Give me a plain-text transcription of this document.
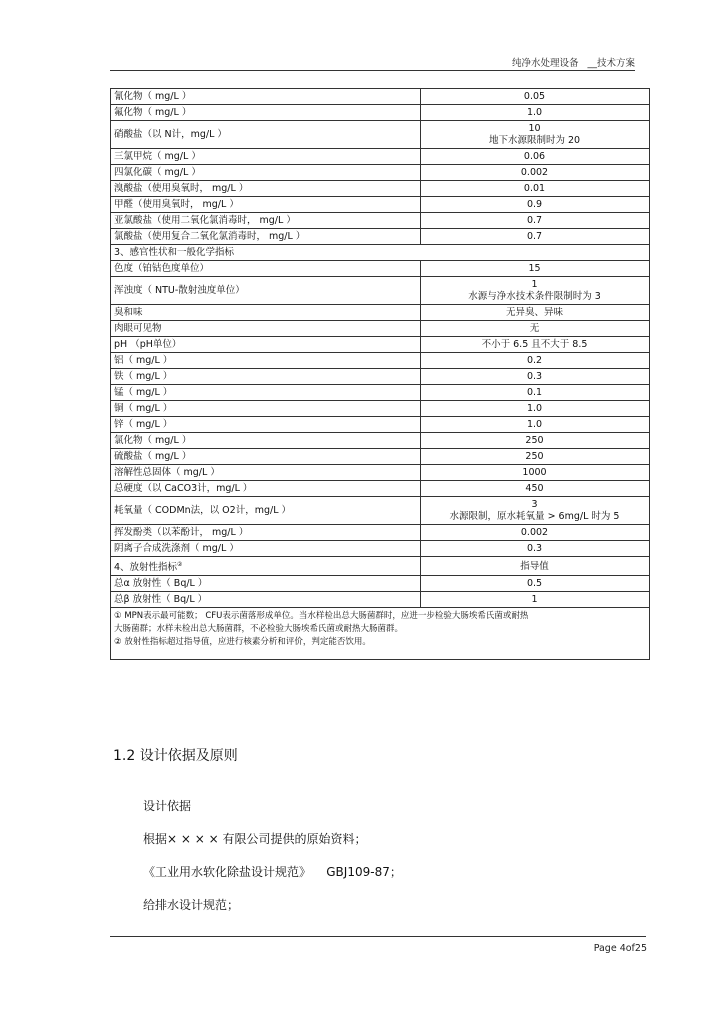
纯净水处理设备   __技术方案
氰化物（ mg/L ）	0.05
氟化物（ mg/L ）	1.0
硝酸盐（以 N计，mg/L ）	10
地下水源限制时为 20

三氯甲烷（ mg/L ）	0.06
四氯化碳（ mg/L ）	0.002
溴酸盐（使用臭氧时， mg/L ）	0.01
甲醛（使用臭氧时， mg/L ）	0.9
亚氯酸盐（使用二氧化氯消毒时， mg/L ）	0.7
氯酸盐（使用复合二氧化氯消毒时， mg/L ）	0.7
3、感官性状和一般化学指标	
色度（铂钴色度单位）	15
浑浊度（ NTU-散射浊度单位）	1
水源与净水技术条件限制时为 3

臭和味	无异臭、异味
肉眼可见物	无
pH （pH单位）	不小于 6.5 且不大于 8.5
铝（ mg/L ）	0.2
铁（ mg/L ）	0.3
锰（ mg/L ）	0.1
铜（ mg/L ）	1.0
锌（ mg/L ）	1.0
氯化物（ mg/L ）	250
硫酸盐（ mg/L ）	250
溶解性总固体（ mg/L ）	1000
总硬度（以 CaCO3计，mg/L ）	450
耗氧量（ CODMn法，以 O2计，mg/L ）	3
水源限制，原水耗氧量 > 6mg/L 时为 5

挥发酚类（以苯酚计， mg/L ）	0.002
阴离子合成洗涤剂（ mg/L ）	0.3
4、放射性指标②	指导值
总α 放射性（ Bq/L ）	0.5
总β 放射性（ Bq/L ）	1

① MPN表示最可能数； CFU表示菌落形成单位。当水样检出总大肠菌群时，应进一步检验大肠埃希氏菌或耐热
大肠菌群；水样未检出总大肠菌群，不必检验大肠埃希氏菌或耐热大肠菌群。
② 放射性指标超过指导值，应进行核素分析和评价，判定能否饮用。	
1.2 设计依据及原则
设计依据
根据× × × × 有限公司提供的原始资料；
《工业用水软化除盐设计规范》    GBJ109-87；
给排水设计规范；
Page 4of25
